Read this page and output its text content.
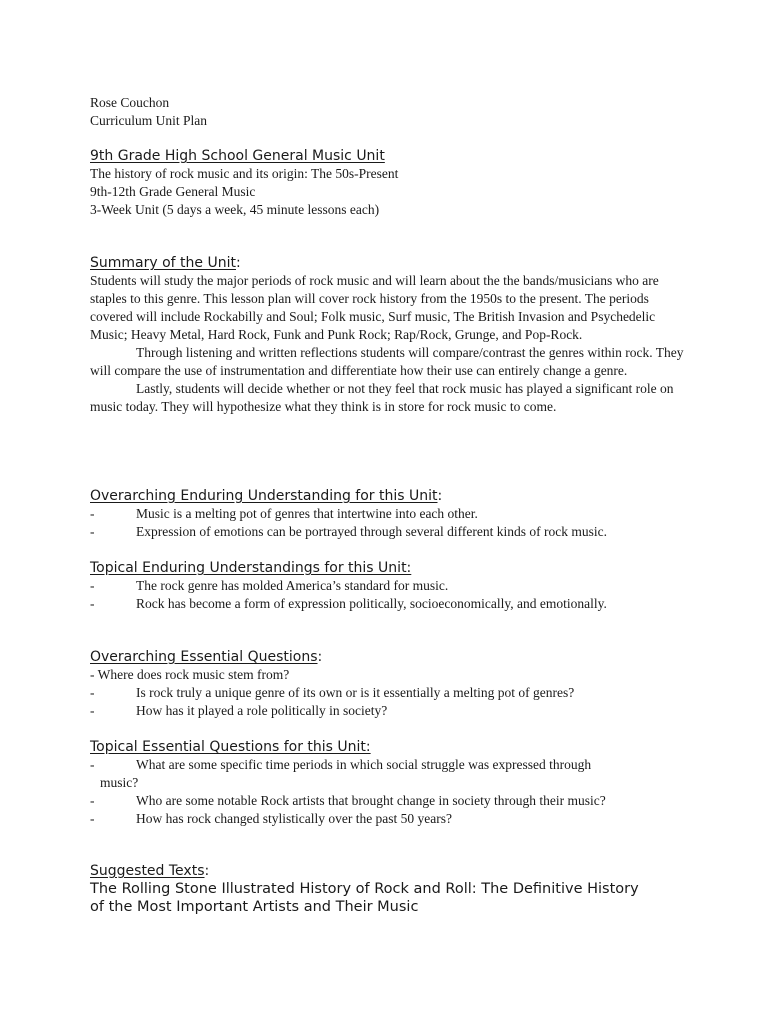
Rose Couchon

Curriculum Unit Plan

9th Grade High School General Music Unit

The history of rock music and its origin: The 50s-Present

9th-12th Grade General Music

3-Week Unit (5 days a week, 45 minute lessons each)

Summary of the Unit:

Students will study the major periods of rock music and will learn about the the bands/musicians who are staples to this genre. This lesson plan will cover rock history from the 1950s to the present. The periods covered will include Rockabilly and Soul; Folk music, Surf music, The British Invasion and Psychedelic Music; Heavy Metal, Hard Rock, Funk and Punk Rock; Rap/Rock, Grunge, and Pop-Rock.

Through listening and written reflections students will compare/contrast the genres within rock. They will compare the use of instrumentation and differentiate how their use can entirely change a genre.

Lastly, students will decide whether or not they feel that rock music has played a significant role on music today. They will hypothesize what they think is in store for rock music to come.

Overarching Enduring Understanding for this Unit:

-	Music is a melting pot of genres that intertwine into each other.
-	Expression of emotions can be portrayed through several different kinds of rock music.

Topical Enduring Understandings for this Unit:

-	The rock genre has molded America’s standard for music.
-	Rock has become a form of expression politically, socioeconomically, and emotionally.

Overarching Essential Questions:

- Where does rock music stem from?

-	Is rock truly a unique genre of its own or is it essentially a melting pot of genres?
-	How has it played a role politically in society?

Topical Essential Questions for this Unit:

-	What are some specific time periods in which social struggle was expressed through
music?
-	Who are some notable Rock artists that brought change in society through their music?
-	How has rock changed stylistically over the past 50 years?

Suggested Texts:

The Rolling Stone Illustrated History of Rock and Roll: The Definitive History

of the Most Important Artists and Their Music
